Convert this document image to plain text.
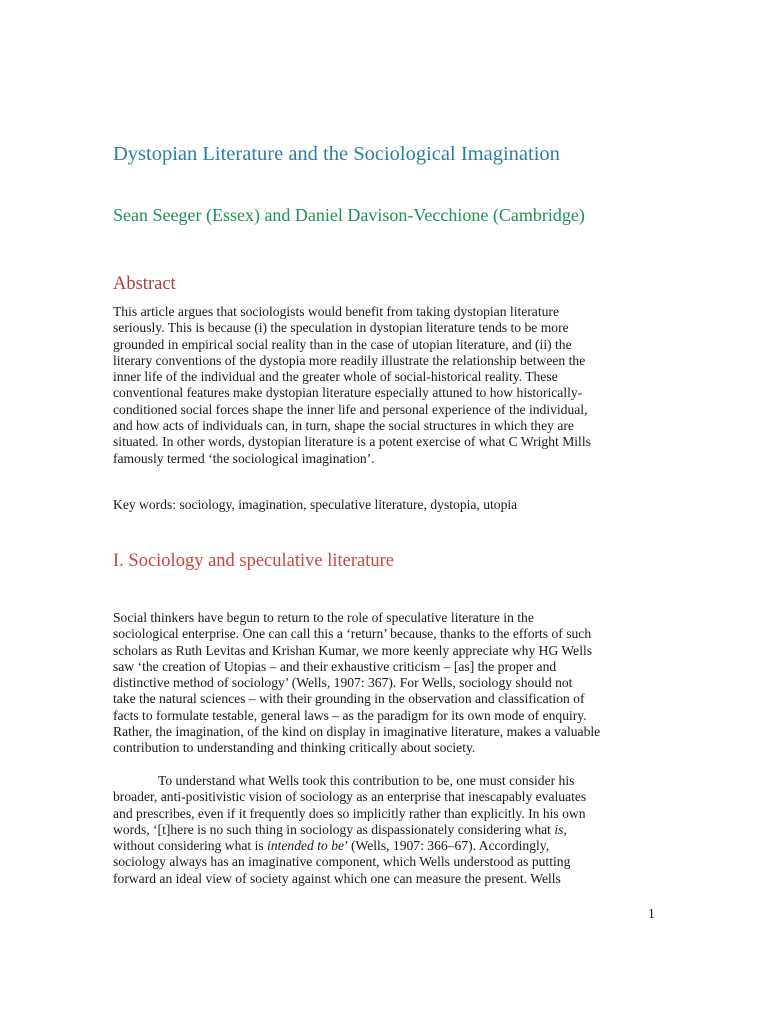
Dystopian Literature and the Sociological Imagination

Sean Seeger (Essex) and Daniel Davison-Vecchione (Cambridge)

Abstract

This article argues that sociologists would benefit from taking dystopian literature
seriously. This is because (i) the speculation in dystopian literature tends to be more
grounded in empirical social reality than in the case of utopian literature, and (ii) the
literary conventions of the dystopia more readily illustrate the relationship between the
inner life of the individual and the greater whole of social-historical reality. These
conventional features make dystopian literature especially attuned to how historically-
conditioned social forces shape the inner life and personal experience of the individual,
and how acts of individuals can, in turn, shape the social structures in which they are
situated. In other words, dystopian literature is a potent exercise of what C Wright Mills
famously termed ‘the sociological imagination’.

Key words: sociology, imagination, speculative literature, dystopia, utopia

I. Sociology and speculative literature

Social thinkers have begun to return to the role of speculative literature in the
sociological enterprise. One can call this a ‘return’ because, thanks to the efforts of such
scholars as Ruth Levitas and Krishan Kumar, we more keenly appreciate why HG Wells
saw ‘the creation of Utopias – and their exhaustive criticism – [as] the proper and
distinctive method of sociology’ (Wells, 1907: 367). For Wells, sociology should not
take the natural sciences – with their grounding in the observation and classification of
facts to formulate testable, general laws – as the paradigm for its own mode of enquiry.
Rather, the imagination, of the kind on display in imaginative literature, makes a valuable
contribution to understanding and thinking critically about society.

To understand what Wells took this contribution to be, one must consider his
broader, anti-positivistic vision of sociology as an enterprise that inescapably evaluates
and prescribes, even if it frequently does so implicitly rather than explicitly. In his own
words, ‘[t]here is no such thing in sociology as dispassionately considering what is,
without considering what is intended to be’ (Wells, 1907: 366–67). Accordingly,
sociology always has an imaginative component, which Wells understood as putting
forward an ideal view of society against which one can measure the present. Wells

1
